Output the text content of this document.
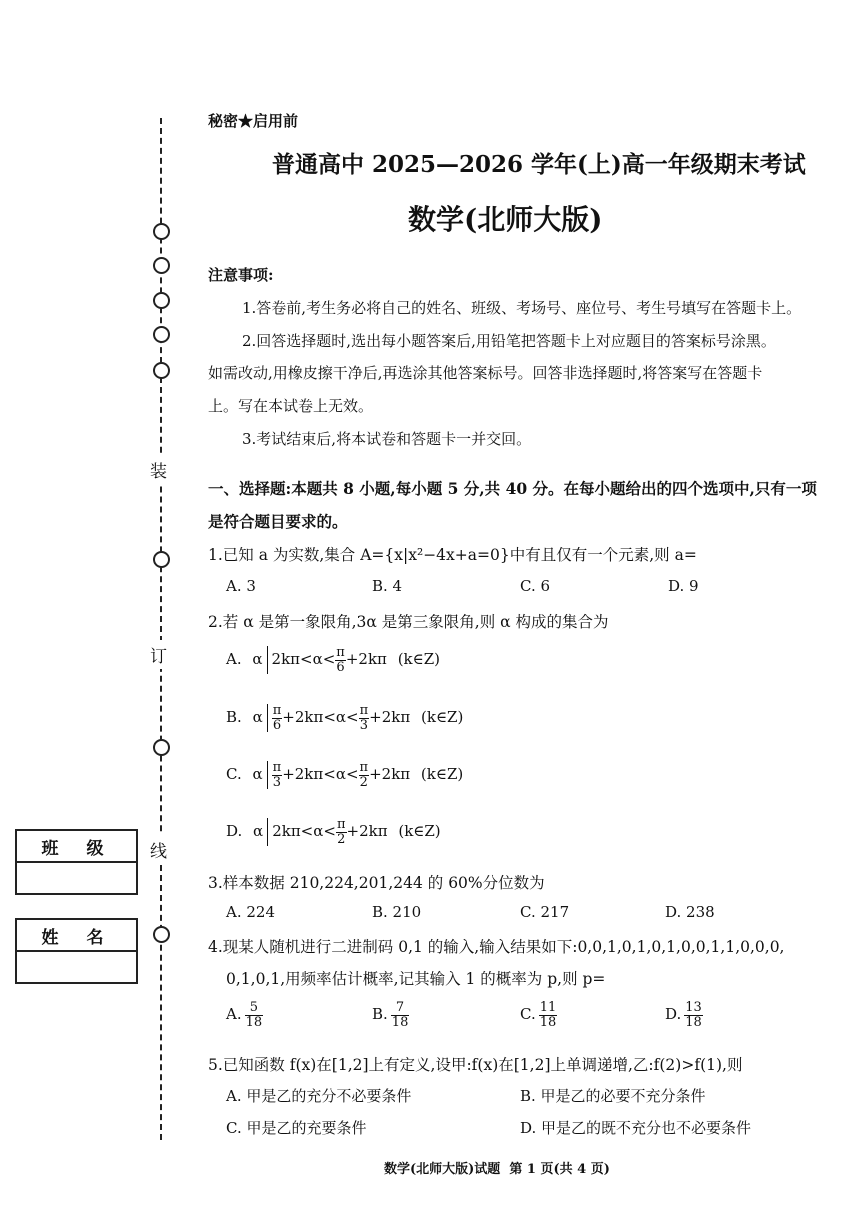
装
订
线
班级
姓名
秘密★启用前
普通高中 2025—2026 学年(上)高一年级期末考试
数学(北师大版)
注意事项:
1.答卷前,考生务必将自己的姓名、班级、考场号、座位号、考生号填写在答题卡上。
2.回答选择题时,选出每小题答案后,用铅笔把答题卡上对应题目的答案标号涂黑。
如需改动,用橡皮擦干净后,再选涂其他答案标号。回答非选择题时,将答案写在答题卡
上。写在本试卷上无效。
3.考试结束后,将本试卷和答题卡一并交回。
一、选择题:本题共 8 小题,每小题 5 分,共 40 分。在每小题给出的四个选项中,只有一项
是符合题目要求的。
1.已知 a 为实数,集合 A={x|x²−4x+a=0}中有且仅有一个元素,则 a=
A. 3	B. 4	C. 6	D. 9
2.若 α 是第一象限角,3α 是第三象限角,则 α 构成的集合为
A. α $2k\pi<\alpha< \frac{\pi}{6} +2k\pi$ (k∈Z)
B. α $\frac{\pi}{6} +2k\pi<\alpha< \frac{\pi}{3} +2k\pi$ (k∈Z)
C. α $\frac{\pi}{3} +2k\pi<\alpha< \frac{\pi}{2} +2k\pi$ (k∈Z)
D. α $2k\pi<\alpha< \frac{\pi}{2} +2k\pi$ (k∈Z)
3.样本数据 210,224,201,244 的 60%分位数为
A. 224	B. 210	C. 217	D. 238
4.现某人随机进行二进制码 0,1 的输入,输入结果如下:0,0,1,0,1,0,1,0,0,1,1,0,0,0,
0,1,0,1,用频率估计概率,记其输入 1 的概率为 p,则 p=
A. $\frac{5}{18}$	B. $\frac{7}{18}$	C. $\frac{11}{18}$	D. $\frac{13}{18}$
5.已知函数 f(x)在[1,2]上有定义,设甲:f(x)在[1,2]上单调递增,乙:f(2)>f(1),则
A. 甲是乙的充分不必要条件	B. 甲是乙的必要不充分条件
C. 甲是乙的充要条件	D. 甲是乙的既不充分也不必要条件
数学(北师大版)试题  第 1 页(共 4 页)
